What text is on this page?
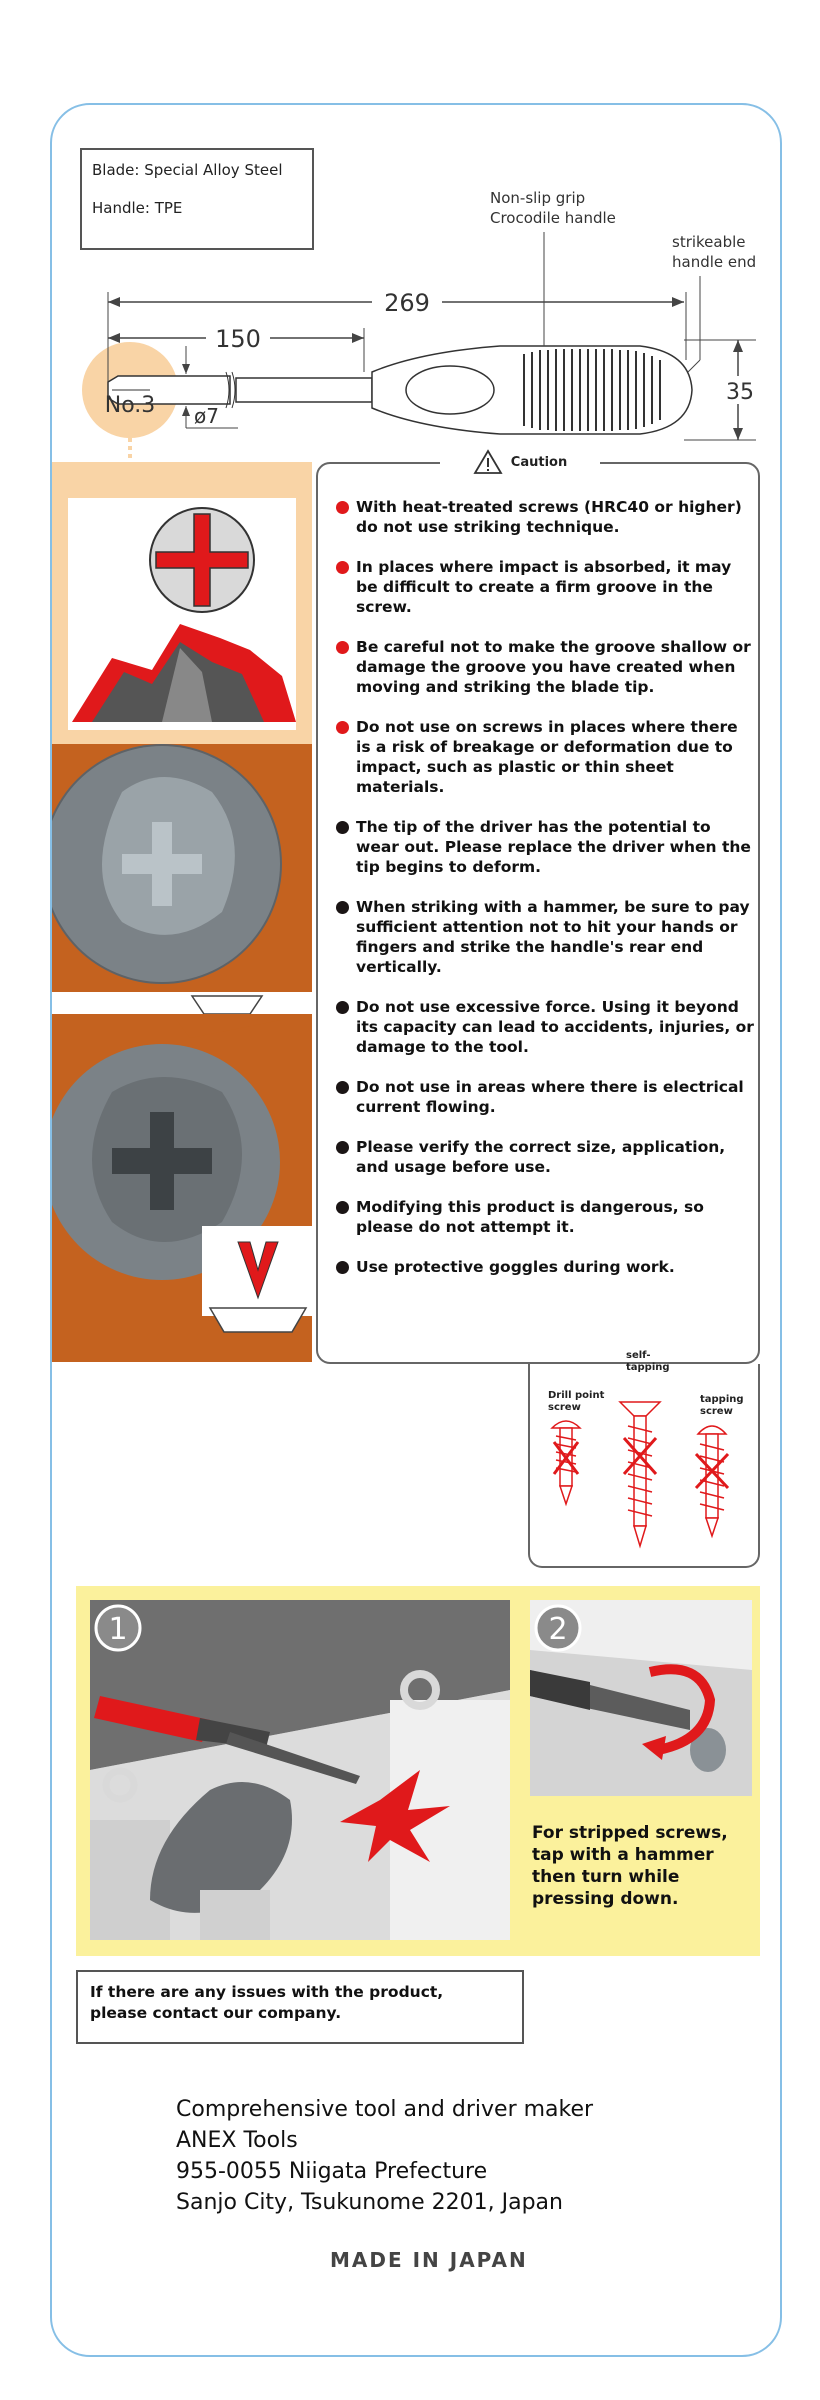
Blade: Special Alloy Steel
Handle: TPE
Non-slip grip
Crocodile handle
strikeable
handle end
269
150
35
ø7
No.3
Caution
With heat-treated screws (HRC40 or higher) do not use striking technique.
In places where impact is absorbed, it may be difficult to create a firm groove in the screw.
Be careful not to make the groove shallow or damage the groove you have created when moving and striking the blade tip.
Do not use on screws in places where there is a risk of breakage or deformation due to impact, such as plastic or thin sheet materials.
The tip of the driver has the potential to wear out. Please replace the driver when the tip begins to deform.
When striking with a hammer, be sure to pay sufficient attention not to hit your hands or fingers and strike the handle's rear end vertically.
Do not use excessive force. Using it beyond its capacity can lead to accidents, injuries, or damage to the tool.
Do not use in areas where there is electrical current flowing.
Please verify the correct size, application, and usage before use.
Modifying this product is dangerous, so please do not attempt it.
Use protective goggles during work.
Drill point
screw
self-
tapping
tapping
screw
1	2
For stripped screws, tap with a hammer then turn while pressing down.
If there are any issues with the product,
please contact our company.
Comprehensive tool and driver maker
ANEX Tools
955-0055 Niigata Prefecture
Sanjo City, Tsukunome 2201, Japan
MADE IN JAPAN
